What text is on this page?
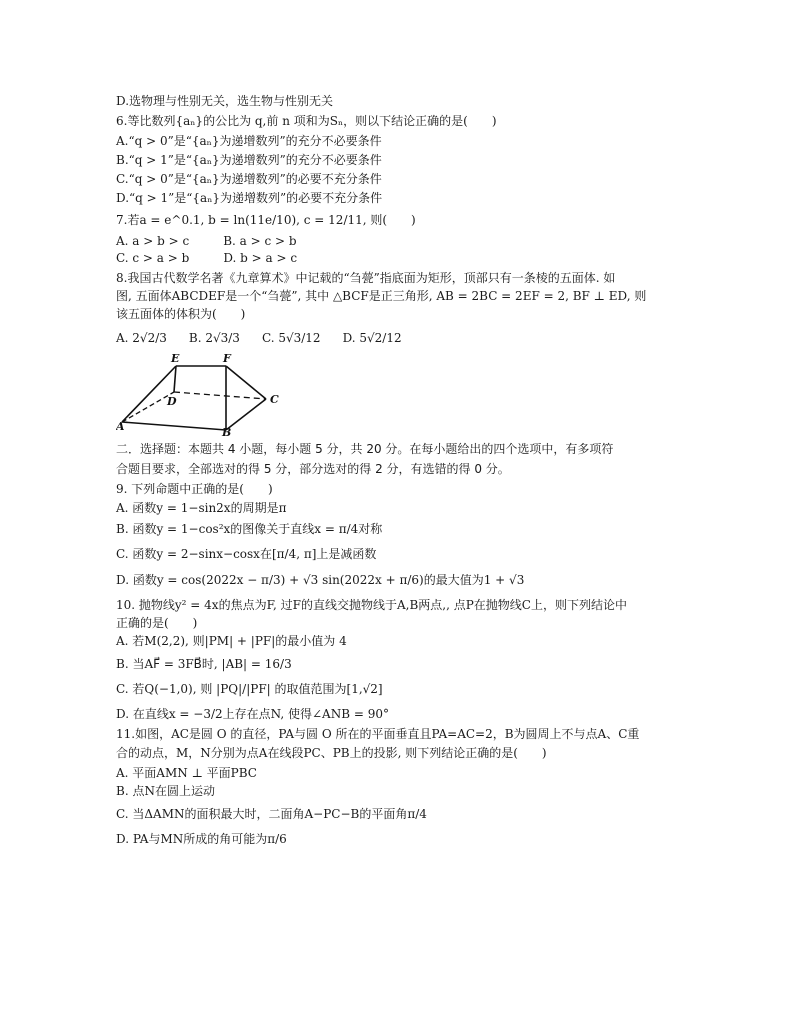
D.选物理与性别无关，选生物与性别无关
6.等比数列{aₙ}的公比为 q,前 n 项和为Sₙ，则以下结论正确的是(　　)
A.“q > 0”是“{aₙ}为递增数列”的充分不必要条件
B.“q > 1”是“{aₙ}为递增数列”的充分不必要条件
C.“q > 0”是“{aₙ}为递增数列”的必要不充分条件
D.“q > 1”是“{aₙ}为递增数列”的必要不充分条件
7.若a = e^0.1, b = ln(11e/10), c = 12/11, 则(　　)
A. a > b > c	B. a > c > b
C. c > a > b	D. b > a > c
8.我国古代数学名著《九章算术》中记载的“刍甍”指底面为矩形，顶部只有一条棱的五面体. 如
图, 五面体ABCDEF是一个“刍甍”, 其中 △BCF是正三角形, AB = 2BC = 2EF = 2, BF ⊥ ED, 则
该五面体的体积为(　　)
A. 2√2/3 B. 2√3/3 C. 5√3/12 D. 5√2/12
A	B
C
D
E	F
二．选择题：本题共 4 小题，每小题 5 分，共 20 分。在每小题给出的四个选项中，有多项符
合题目要求，全部选对的得 5 分，部分选对的得 2 分，有选错的得 0 分。
9. 下列命题中正确的是(　　)
A. 函数y = 1−sin2x的周期是π
B. 函数y = 1−cos²x的图像关于直线x = π/4对称
C. 函数y = 2−sinx−cosx在[π/4, π]上是减函数
D. 函数y = cos(2022x − π/3) + √3 sin(2022x + π/6)的最大值为1 + √3
10. 抛物线y² = 4x的焦点为F, 过F的直线交抛物线于A,B两点,, 点P在抛物线C上，则下列结论中
正确的是(　　)
A. 若M(2,2), 则|PM| + |PF|的最小值为 4
B. 当AF⃗ = 3FB⃗时, |AB| = 16/3
C. 若Q(−1,0), 则 |PQ|/|PF| 的取值范围为[1,√2]
D. 在直线x = −3/2上存在点N, 使得∠ANB = 90°
11.如图，AC是圆 O 的直径，PA与圆 O 所在的平面垂直且PA=AC=2，B为圆周上不与点A、C重
合的动点，M，N分别为点A在线段PC、PB上的投影, 则下列结论正确的是(　　)
A. 平面AMN ⊥ 平面PBC
B. 点N在圆上运动
C. 当ΔAMN的面积最大时，二面角A−PC−B的平面角π/4
D. PA与MN所成的角可能为π/6
